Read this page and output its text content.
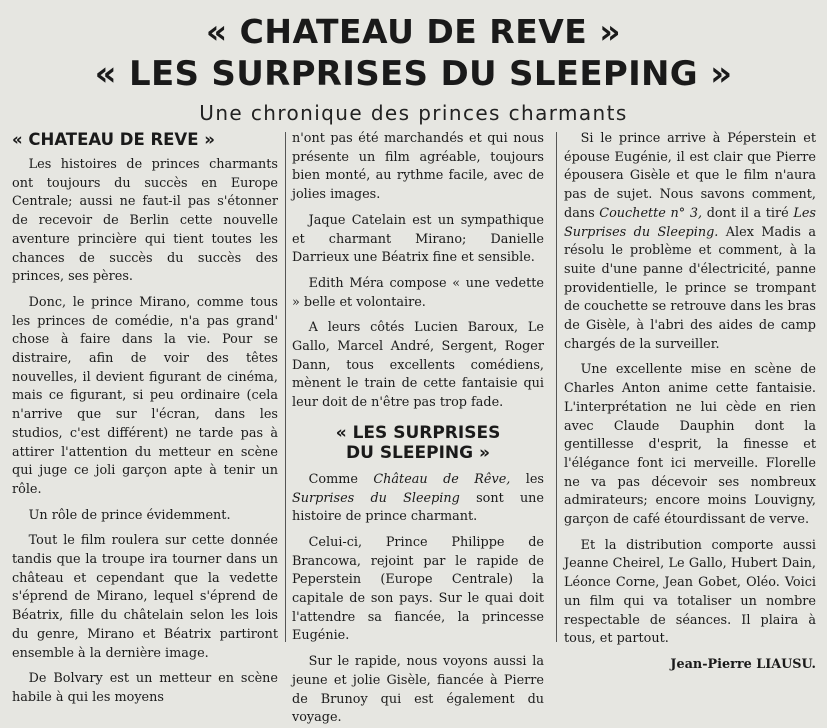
« CHATEAU DE REVE »
« LES SURPRISES DU SLEEPING »
Une chronique des princes charmants
« CHATEAU DE REVE »

Les histoires de princes charmants ont toujours du succès en Europe Centrale; aussi ne faut-il pas s'étonner de recevoir de Berlin cette nouvelle aventure princière qui tient toutes les chances de succès du succès des princes, ses pères.

Donc, le prince Mirano, comme tous les princes de comédie, n'a pas grand' chose à faire dans la vie. Pour se distraire, afin de voir des têtes nouvelles, il devient figurant de cinéma, mais ce figurant, si peu ordinaire (cela n'arrive que sur l'écran, dans les studios, c'est différent) ne tarde pas à attirer l'attention du metteur en scène qui juge ce joli garçon apte à tenir un rôle.

Un rôle de prince évidemment.

Tout le film roulera sur cette donnée tandis que la troupe ira tourner dans un château et cependant que la vedette s'éprend de Mirano, lequel s'éprend de Béatrix, fille du châtelain selon les lois du genre, Mirano et Béatrix partiront ensemble à la dernière image.

De Bolvary est un metteur en scène habile à qui les moyens

n'ont pas été marchandés et qui nous présente un film agréable, toujours bien monté, au rythme facile, avec de jolies images.

Jaque Catelain est un sympathique et charmant Mirano; Danielle Darrieux une Béatrix fine et sensible.

Edith Méra compose « une vedette » belle et volontaire.

A leurs côtés Lucien Baroux, Le Gallo, Marcel André, Sergent, Roger Dann, tous excellents comédiens, mènent le train de cette fantaisie qui leur doit de n'être pas trop fade.

« LES SURPRISES
DU SLEEPING »

Comme Château de Rêve, les Surprises du Sleeping sont une histoire de prince charmant.

Celui-ci, Prince Philippe de Brancowa, rejoint par le rapide de Peperstein (Europe Centrale) la capitale de son pays. Sur le quai doit l'attendre sa fiancée, la princesse Eugénie.

Sur le rapide, nous voyons aussi la jeune et jolie Gisèle, fiancée à Pierre de Brunoy qui est également du voyage.

Si le prince arrive à Péperstein et épouse Eugénie, il est clair que Pierre épousera Gisèle et que le film n'aura pas de sujet. Nous savons comment, dans Couchette n° 3, dont il a tiré Les Surprises du Sleeping. Alex Madis a résolu le problème et comment, à la suite d'une panne d'électricité, panne providentielle, le prince se trompant de couchette se retrouve dans les bras de Gisèle, à l'abri des aides de camp chargés de la surveiller.

Une excellente mise en scène de Charles Anton anime cette fantaisie. L'interprétation ne lui cède en rien avec Claude Dauphin dont la gentillesse d'esprit, la finesse et l'élégance font ici merveille. Florelle ne va pas décevoir ses nombreux admirateurs; encore moins Louvigny, garçon de café étourdissant de verve.

Et la distribution comporte aussi Jeanne Cheirel, Le Gallo, Hubert Dain, Léonce Corne, Jean Gobet, Oléo. Voici un film qui va totaliser un nombre respectable de séances. Il plaira à tous, et partout.

Jean-Pierre LIAUSU.
